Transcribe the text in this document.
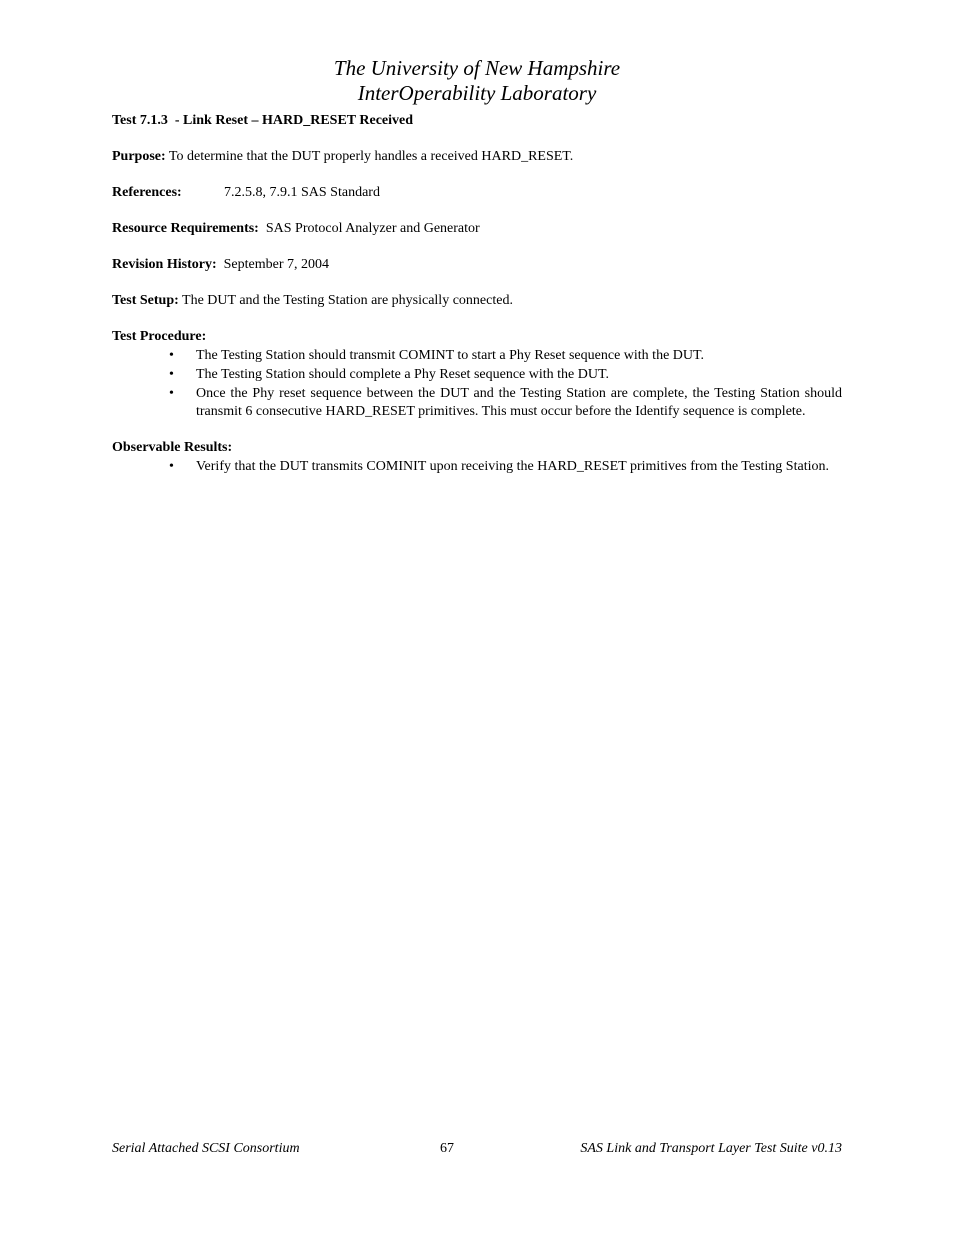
The University of New Hampshire
InterOperability Laboratory

Test 7.1.3  - Link Reset – HARD_RESET Received

Purpose: To determine that the DUT properly handles a received HARD_RESET.

References:	7.2.5.8, 7.9.1 SAS Standard

Resource Requirements:  SAS Protocol Analyzer and Generator

Revision History:  September 7, 2004

Test Setup: The DUT and the Testing Station are physically connected.

Test Procedure:

• The Testing Station should transmit COMINT to start a Phy Reset sequence with the DUT.
• The Testing Station should complete a Phy Reset sequence with the DUT.
• Once the Phy reset sequence between the DUT and the Testing Station are complete, the Testing Station should transmit 6 consecutive HARD_RESET primitives. This must occur before the Identify sequence is complete.

Observable Results:

• Verify that the DUT transmits COMINIT upon receiving the HARD_RESET primitives from the Testing Station.
Serial Attached SCSI Consortium	67	SAS Link and Transport Layer Test Suite v0.13
